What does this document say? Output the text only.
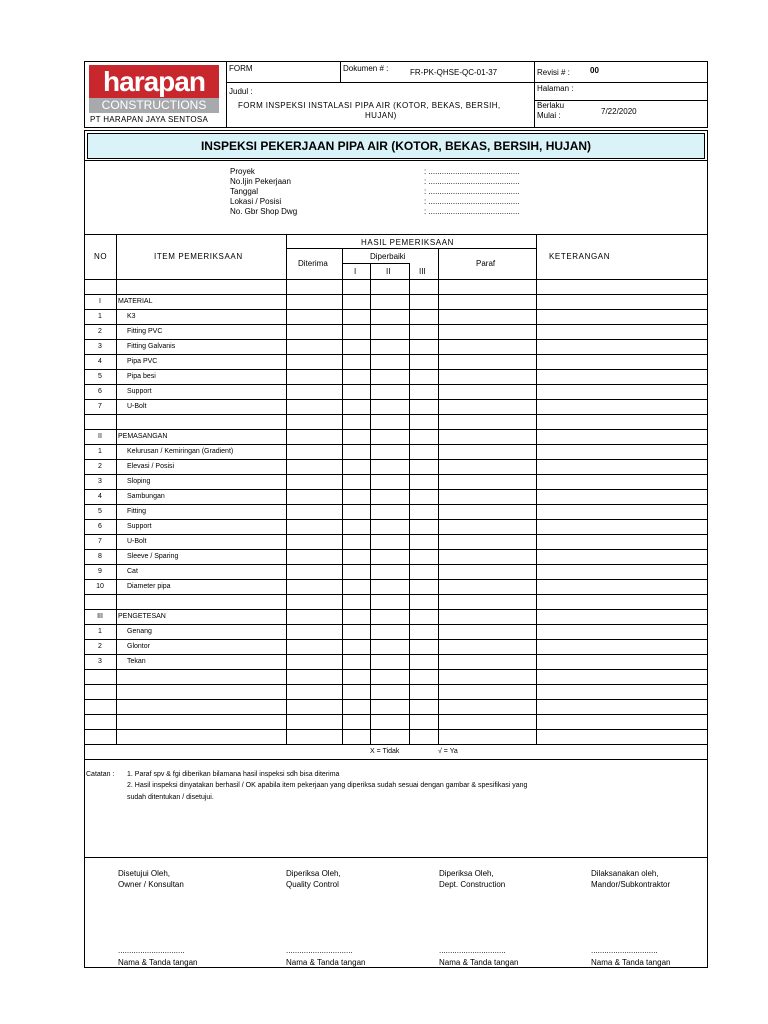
harapan
CONSTRUCTIONS
PT HARAPAN JAYA SENTOSA
FORM	Dokumen # :	FR-PK-QHSE-QC-01-37	Revisi # :	00
Judul :
FORM INSPEKSI INSTALASI PIPA AIR (KOTOR, BEKAS, BERSIH,
HUJAN)
Halaman :
Berlaku
Mulai :	7/22/2020
INSPEKSI PEKERJAAN PIPA AIR (KOTOR, BEKAS, BERSIH, HUJAN)
Proyek	: .........................................
No.Ijin Pekerjaan	: .........................................
Tanggal	: .........................................
Lokasi / Posisi	: .........................................
No. Gbr Shop Dwg	: .........................................
I	MATERIAL
1	K3
2	Fitting PVC
3	Fitting Galvanis
4	Pipa PVC
5	Pipa besi
6	Support
7	U-Bolt
II	PEMASANGAN
1	Kelurusan / Kemiringan (Gradient)
2	Elevasi / Posisi
3	Sloping
4	Sambungan
5	Fitting
6	Support
7	U-Bolt
8	Sleeve / Sparing
9	Cat
10	Diameter pipa
III	PENGETESAN
1	Genang
2	Glontor
3	Tekan
NO	ITEM PEMERIKSAAN
HASIL PEMERIKSAAN
Diterima
Diperbaiki
I	II	III
Paraf
KETERANGAN
X = Tidak	√ = Ya
Catatan : 1. Paraf spv & fgi diberikan bilamana hasil inspeksi sdh bisa diterima
2. Hasil inspeksi dinyatakan berhasil / OK apabila item pekerjaan yang diperiksa sudah sesuai dengan gambar & spesifikasi yang
sudah ditentukan / disetujui.
Disetujui Oleh,
Owner / Konsultan
..............................
Nama & Tanda tangan
Diperiksa Oleh,
Quality Control
..............................
Nama & Tanda tangan
Diperiksa Oleh,
Dept. Construction
..............................
Nama & Tanda tangan
Dilaksanakan oleh,
Mandor/Subkontraktor
..............................
Nama & Tanda tangan
